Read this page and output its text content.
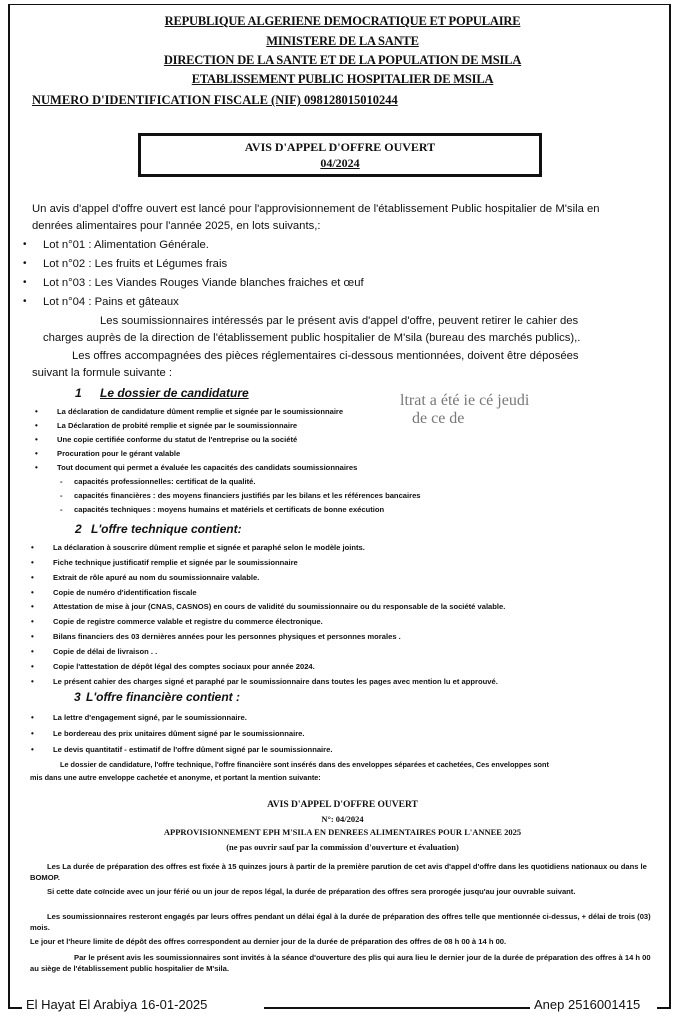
REPUBLIQUE ALGERIENE DEMOCRATIQUE ET POPULAIRE
MINISTERE DE LA SANTE
DIRECTION DE LA SANTE ET DE LA POPULATION DE MSILA
ETABLISSEMENT PUBLIC HOSPITALIER DE MSILA
NUMERO D'IDENTIFICATION FISCALE (NIF) 098128015010244
AVIS D'APPEL D'OFFRE OUVERT
04/2024
Un avis d'appel d'offre ouvert est lancé pour l'approvisionnement de l'établissement Public hospitalier de M'sila en
denrées alimentaires pour l'année 2025, en lots suivants,:
• Lot n°01 : Alimentation Générale.
• Lot n°02 : Les fruits et Légumes frais
• Lot n°03 : Les Viandes Rouges Viande blanches fraiches et œuf
• Lot n°04 : Pains et gâteaux
Les soumissionnaires intéressés par le présent avis d'appel d'offre, peuvent retirer le cahier des
charges auprès de la direction de l'établissement public hospitalier de M'sila (bureau des marchés publics),.
Les offres accompagnées des pièces réglementaires ci-dessous mentionnées, doivent être déposées
suivant la formule suivante :
ltrat a été ie cé jeudi
de ce de
1 Le dossier de candidature
• La déclaration de candidature dûment remplie et signée par le soumissionnaire
• La Déclaration de probité remplie et signée par le soumissionnaire
• Une copie certifiée conforme du statut de l'entreprise ou la société
• Procuration pour le gérant valable
• Tout document qui permet a évaluée les capacités des candidats soumissionnaires
- capacités professionnelles: certificat de la qualité.
- capacités financières : des moyens financiers justifiés par les bilans et les références bancaires
- capacités techniques : moyens humains et matériels et certificats de bonne exécution
2 L'offre technique contient:
• La déclaration à souscrire dûment remplie et signée et paraphé selon le modèle joints.
• Fiche technique justificatif remplie et signée par le soumissionnaire
• Extrait de rôle apuré au nom du soumissionnaire valable.
• Copie de numéro d'identification fiscale
• Attestation de mise à jour (CNAS, CASNOS) en cours de validité du soumissionnaire ou du responsable de la société valable.
• Copie de registre commerce valable et registre du commerce électronique.
• Bilans financiers des 03 dernières années pour les personnes physiques et personnes morales .
• Copie de délai de livraison . .
• Copie l'attestation de dépôt légal des comptes sociaux pour année 2024.
• Le présent cahier des charges signé et paraphé par le soumissionnaire dans toutes les pages avec mention lu et approuvé.
3 L'offre financière contient :
• La lettre d'engagement signé, par le soumissionnaire.
• Le bordereau des prix unitaires dûment signé par le soumissionnaire.
• Le devis quantitatif - estimatif de l'offre dûment signé par le soumissionnaire.
Le dossier de candidature, l'offre technique, l'offre financière sont insérés dans des enveloppes séparées et cachetées, Ces enveloppes sont
mis dans une autre enveloppe cachetée et anonyme, et portant la mention suivante:
AVIS D'APPEL D'OFFRE OUVERT
N°: 04/2024
APPROVISIONNEMENT EPH M'SILA EN DENREES ALIMENTAIRES POUR L'ANNEE 2025
(ne pas ouvrir sauf par la commission d'ouverture et évaluation)
Les La durée de préparation des offres est fixée à 15 quinzes jours à partir de la première parution de cet avis d'appel d'offre dans les quotidiens nationaux ou dans le BOMOP.
Si cette date coïncide avec un jour férié ou un jour de repos légal, la durée de préparation des offres sera prorogée jusqu'au jour ouvrable suivant.
Les soumissionnaires resteront engagés par leurs offres pendant un délai égal à la durée de préparation des offres telle que mentionnée ci-dessus, + délai de trois (03) mois.
Le jour et l'heure limite de dépôt des offres correspondent au dernier jour de la durée de préparation des offres de 08 h 00 à 14 h 00.
Par le présent avis les soumissionnaires sont invités à la séance d'ouverture des plis qui aura lieu le dernier jour de la durée de préparation des offres à 14 h 00 au siège de l'établissement public hospitalier de M'sila.
El Hayat El Arabiya 16-01-2025	Anep 2516001415
